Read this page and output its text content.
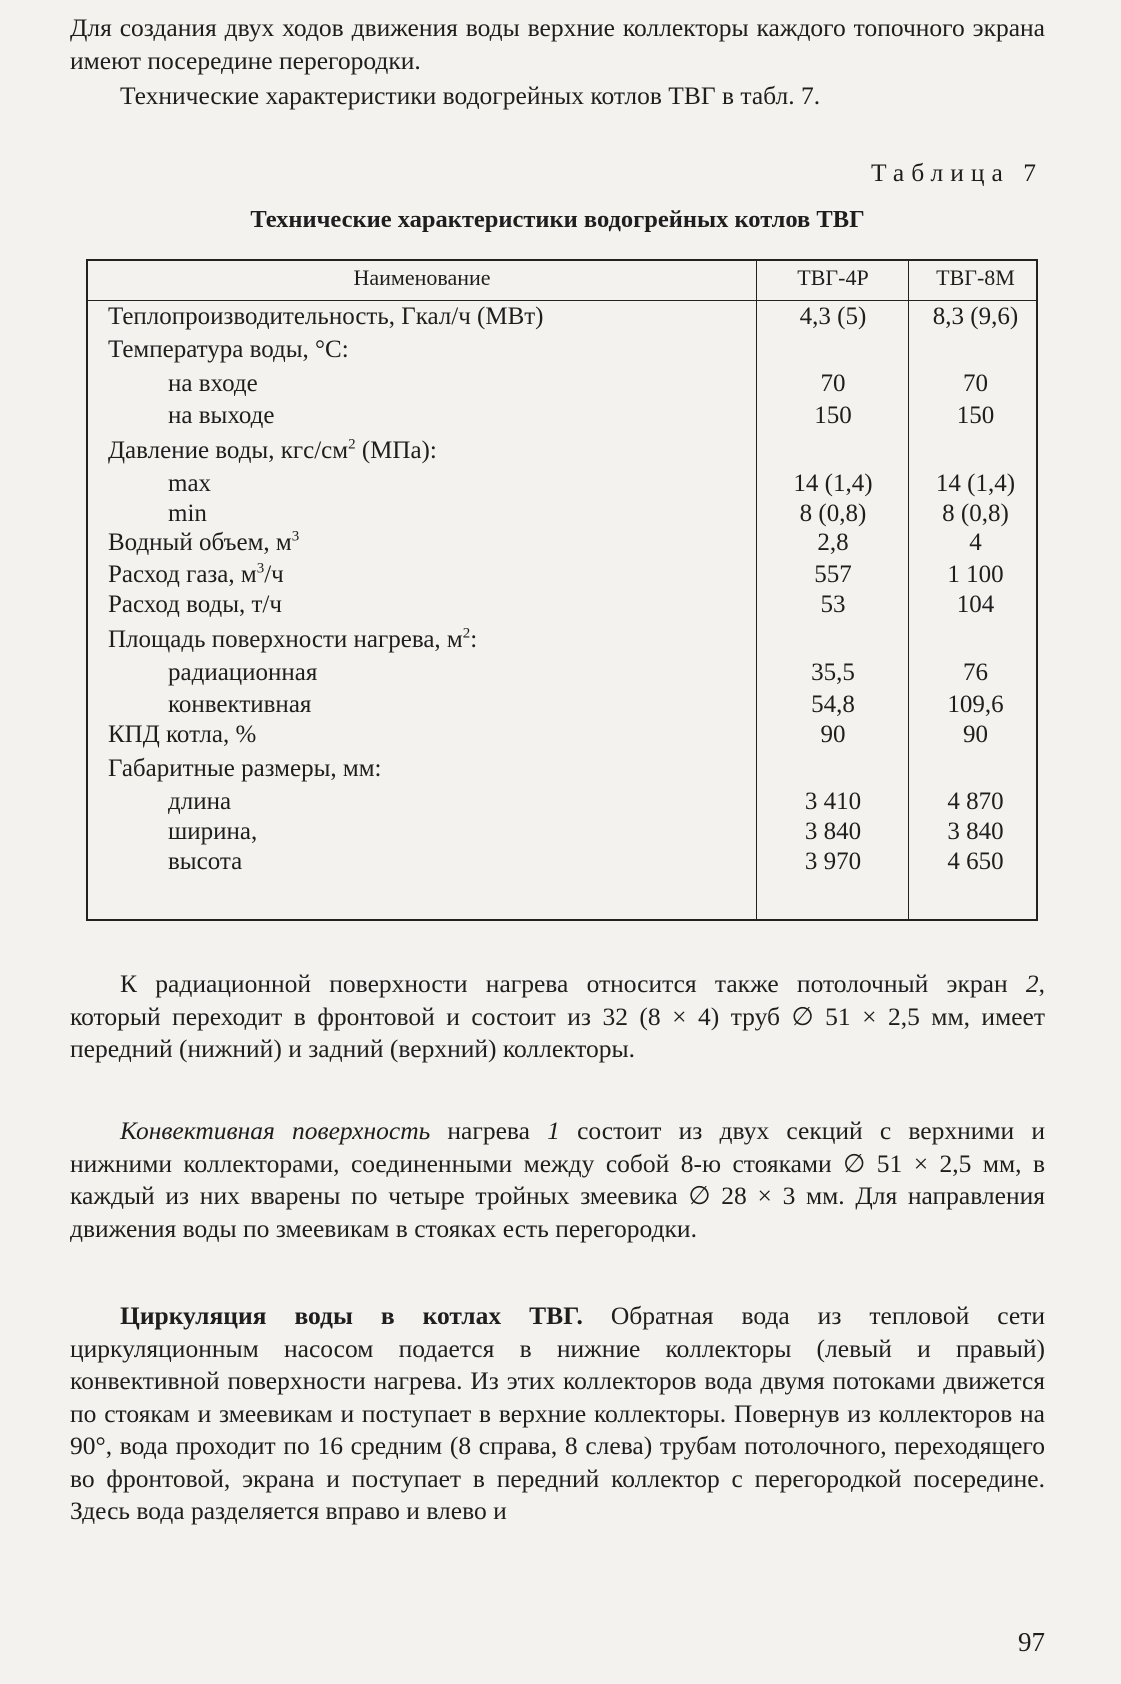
Для создания двух ходов движения воды верхние коллекторы каждого топочного экрана имеют посередине перегородки.

Технические характеристики водогрейных котлов ТВГ в табл. 7.

Таблица 7
Технические характеристики водогрейных котлов ТВГ
Наименование	ТВГ-4Р	ТВГ-8М
Теплопроизводительность, Гкал/ч (МВт)	4,3 (5)	8,3 (9,6)
Температура воды, °С:
на входе	70	70
на выходе	150	150
Давление воды, кгс/$см^2$ (МПа):
max	14 (1,4)	14 (1,4)
min	8 (0,8)	8 (0,8)
Водный объем, $м^3$	2,8	4
Расход газа, $м^3/ч$	557	1 100
Расход воды, т/ч	53	104
Площадь поверхности нагрева, $м^2$:
радиационная	35,5	76
конвективная	54,8	109,6
КПД котла, %	90	90
Габаритные размеры, мм:
длина	3 410	4 870
ширина,	3 840	3 840
высота	3 970	4 650

К радиационной поверхности нагрева относится также потолочный экран 2, который переходит в фронтовой и состоит из 32 (8 × 4) труб ∅ 51 × 2,5 мм, имеет передний (нижний) и задний (верхний) коллекторы.

Конвективная поверхность нагрева 1 состоит из двух секций с верхними и нижними коллекторами, соединенными между собой 8-ю стояками ∅ 51 × 2,5 мм, в каждый из них вварены по четыре тройных змеевика ∅ 28 × 3 мм. Для направления движения воды по змеевикам в стояках есть перегородки.

Циркуляция воды в котлах ТВГ. Обратная вода из тепловой сети циркуляционным насосом подается в нижние коллекторы (левый и правый) конвективной поверхности нагрева. Из этих коллекторов вода двумя потоками движется по стоякам и змеевикам и поступает в верхние коллекторы. Повернув из коллекторов на 90°, вода проходит по 16 средним (8 справа, 8 слева) трубам потолочного, переходящего во фронтовой, экрана и поступает в передний коллектор с перегородкой посередине. Здесь вода разделяется вправо и влево и

97
